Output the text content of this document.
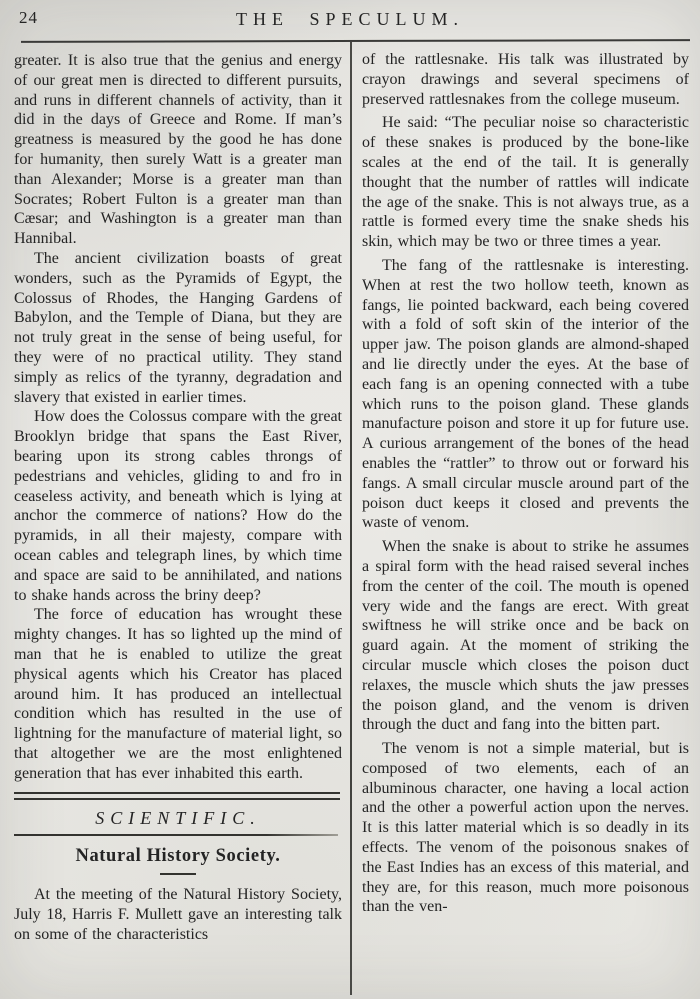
24	THE SPECULUM.

greater. It is also true that the genius and energy of our great men is directed to different pursuits, and runs in different channels of activity, than it did in the days of Greece and Rome. If man’s greatness is measured by the good he has done for humanity, then surely Watt is a greater man than Alexander; Morse is a greater man than Socrates; Robert Fulton is a greater man than Cæsar; and Washington is a greater man than Hannibal.

The ancient civilization boasts of great wonders, such as the Pyramids of Egypt, the Colossus of Rhodes, the Hanging Gardens of Babylon, and the Temple of Diana, but they are not truly great in the sense of being useful, for they were of no practical utility. They stand simply as relics of the tyranny, degradation and slavery that existed in earlier times.

How does the Colossus compare with the great Brooklyn bridge that spans the East River, bearing upon its strong cables throngs of pedestrians and vehicles, gliding to and fro in ceaseless activity, and beneath which is lying at anchor the commerce of nations? How do the pyramids, in all their majesty, compare with ocean cables and telegraph lines, by which time and space are said to be annihilated, and nations to shake hands across the briny deep?

The force of education has wrought these mighty changes. It has so lighted up the mind of man that he is enabled to utilize the great physical agents which his Creator has placed around him. It has produced an intellectual condition which has resulted in the use of lightning for the manufacture of material light, so that altogether we are the most enlightened generation that has ever inhabited this earth.

SCIENTIFIC.
Natural History Society.

At the meeting of the Natural History Society, July 18, Harris F. Mullett gave an interesting talk on some of the characteristics

of the rattlesnake. His talk was illustrated by crayon drawings and several specimens of preserved rattlesnakes from the college museum.

He said: “The peculiar noise so characteristic of these snakes is produced by the bone-like scales at the end of the tail. It is generally thought that the number of rattles will indicate the age of the snake. This is not always true, as a rattle is formed every time the snake sheds his skin, which may be two or three times a year.

The fang of the rattlesnake is interesting. When at rest the two hollow teeth, known as fangs, lie pointed backward, each being covered with a fold of soft skin of the interior of the upper jaw. The poison glands are almond-shaped and lie directly under the eyes. At the base of each fang is an opening connected with a tube which runs to the poison gland. These glands manufacture poison and store it up for future use. A curious arrangement of the bones of the head enables the “rattler” to throw out or forward his fangs. A small circular muscle around part of the poison duct keeps it closed and prevents the waste of venom.

When the snake is about to strike he assumes a spiral form with the head raised several inches from the center of the coil. The mouth is opened very wide and the fangs are erect. With great swiftness he will strike once and be back on guard again. At the moment of striking the circular muscle which closes the poison duct relaxes, the muscle which shuts the jaw presses the poison gland, and the venom is driven through the duct and fang into the bitten part.

The venom is not a simple material, but is composed of two elements, each of an albuminous character, one having a local action and the other a powerful action upon the nerves. It is this latter material which is so deadly in its effects. The venom of the poisonous snakes of the East Indies has an excess of this material, and they are, for this reason, much more poisonous than the ven-
